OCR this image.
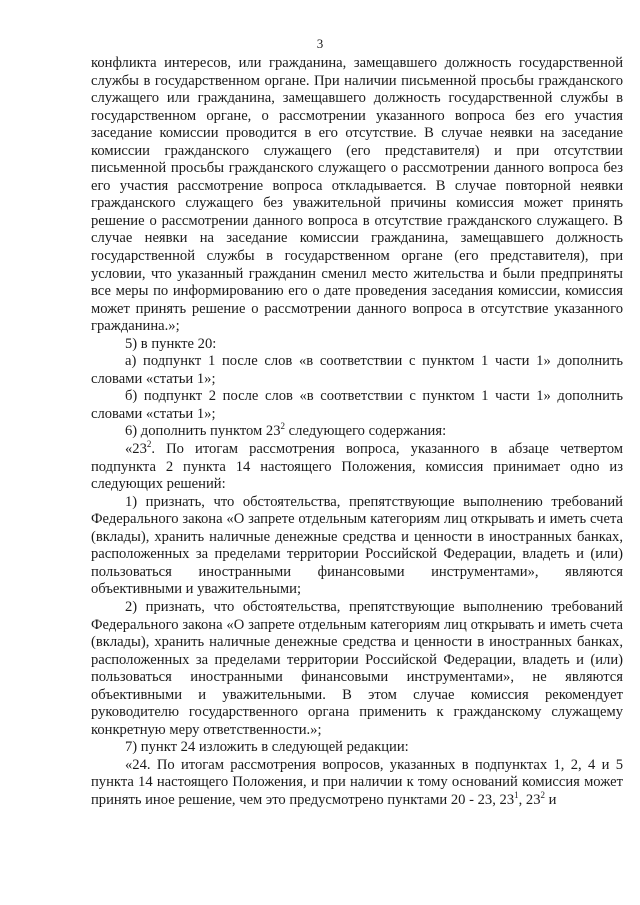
3

конфликта интересов, или гражданина, замещавшего должность государственной службы в государственном органе. При наличии письменной просьбы гражданского служащего или гражданина, замещавшего должность государственной службы в государственном органе, о рассмотрении указанного вопроса без его участия заседание комиссии проводится в его отсутствие. В случае неявки на заседание комиссии гражданского служащего (его представителя) и при отсутствии письменной просьбы гражданского служащего о рассмотрении данного вопроса без его участия рассмотрение вопроса откладывается. В случае повторной неявки гражданского служащего без уважительной причины комиссия может принять решение о рассмотрении данного вопроса в отсутствие гражданского служащего. В случае неявки на заседание комиссии гражданина, замещавшего должность государственной службы в государственном органе (его представителя), при условии, что указанный гражданин сменил место жительства и были предприняты все меры по информированию его о дате проведения заседания комиссии, комиссия может принять решение о рассмотрении данного вопроса в отсутствие указанного гражданина.»;

5) в пункте 20:

а) подпункт 1 после слов «в соответствии с пунктом 1 части 1» дополнить словами «статьи 1»;

б) подпункт 2 после слов «в соответствии с пунктом 1 части 1» дополнить словами «статьи 1»;

6) дополнить пунктом $23^2$ следующего содержания:

«$23^2$. По итогам рассмотрения вопроса, указанного в абзаце четвертом подпункта 2 пункта 14 настоящего Положения, комиссия принимает одно из следующих решений:

1) признать, что обстоятельства, препятствующие выполнению требований Федерального закона «О запрете отдельным категориям лиц открывать и иметь счета (вклады), хранить наличные денежные средства и ценности в иностранных банках, расположенных за пределами территории Российской Федерации, владеть и (или) пользоваться иностранными финансовыми инструментами», являются объективными и уважительными;

2) признать, что обстоятельства, препятствующие выполнению требований Федерального закона «О запрете отдельным категориям лиц открывать и иметь счета (вклады), хранить наличные денежные средства и ценности в иностранных банках, расположенных за пределами территории Российской Федерации, владеть и (или) пользоваться иностранными финансовыми инструментами», не являются объективными и уважительными. В этом случае комиссия рекомендует руководителю государственного органа применить к гражданскому служащему конкретную меру ответственности.»;

7) пункт 24 изложить в следующей редакции:

«24. По итогам рассмотрения вопросов, указанных в подпунктах 1, 2, 4 и 5 пункта 14 настоящего Положения, и при наличии к тому оснований комиссия может принять иное решение, чем это предусмотрено пунктами 20 - 23, $23^1$, $23^2$ и
